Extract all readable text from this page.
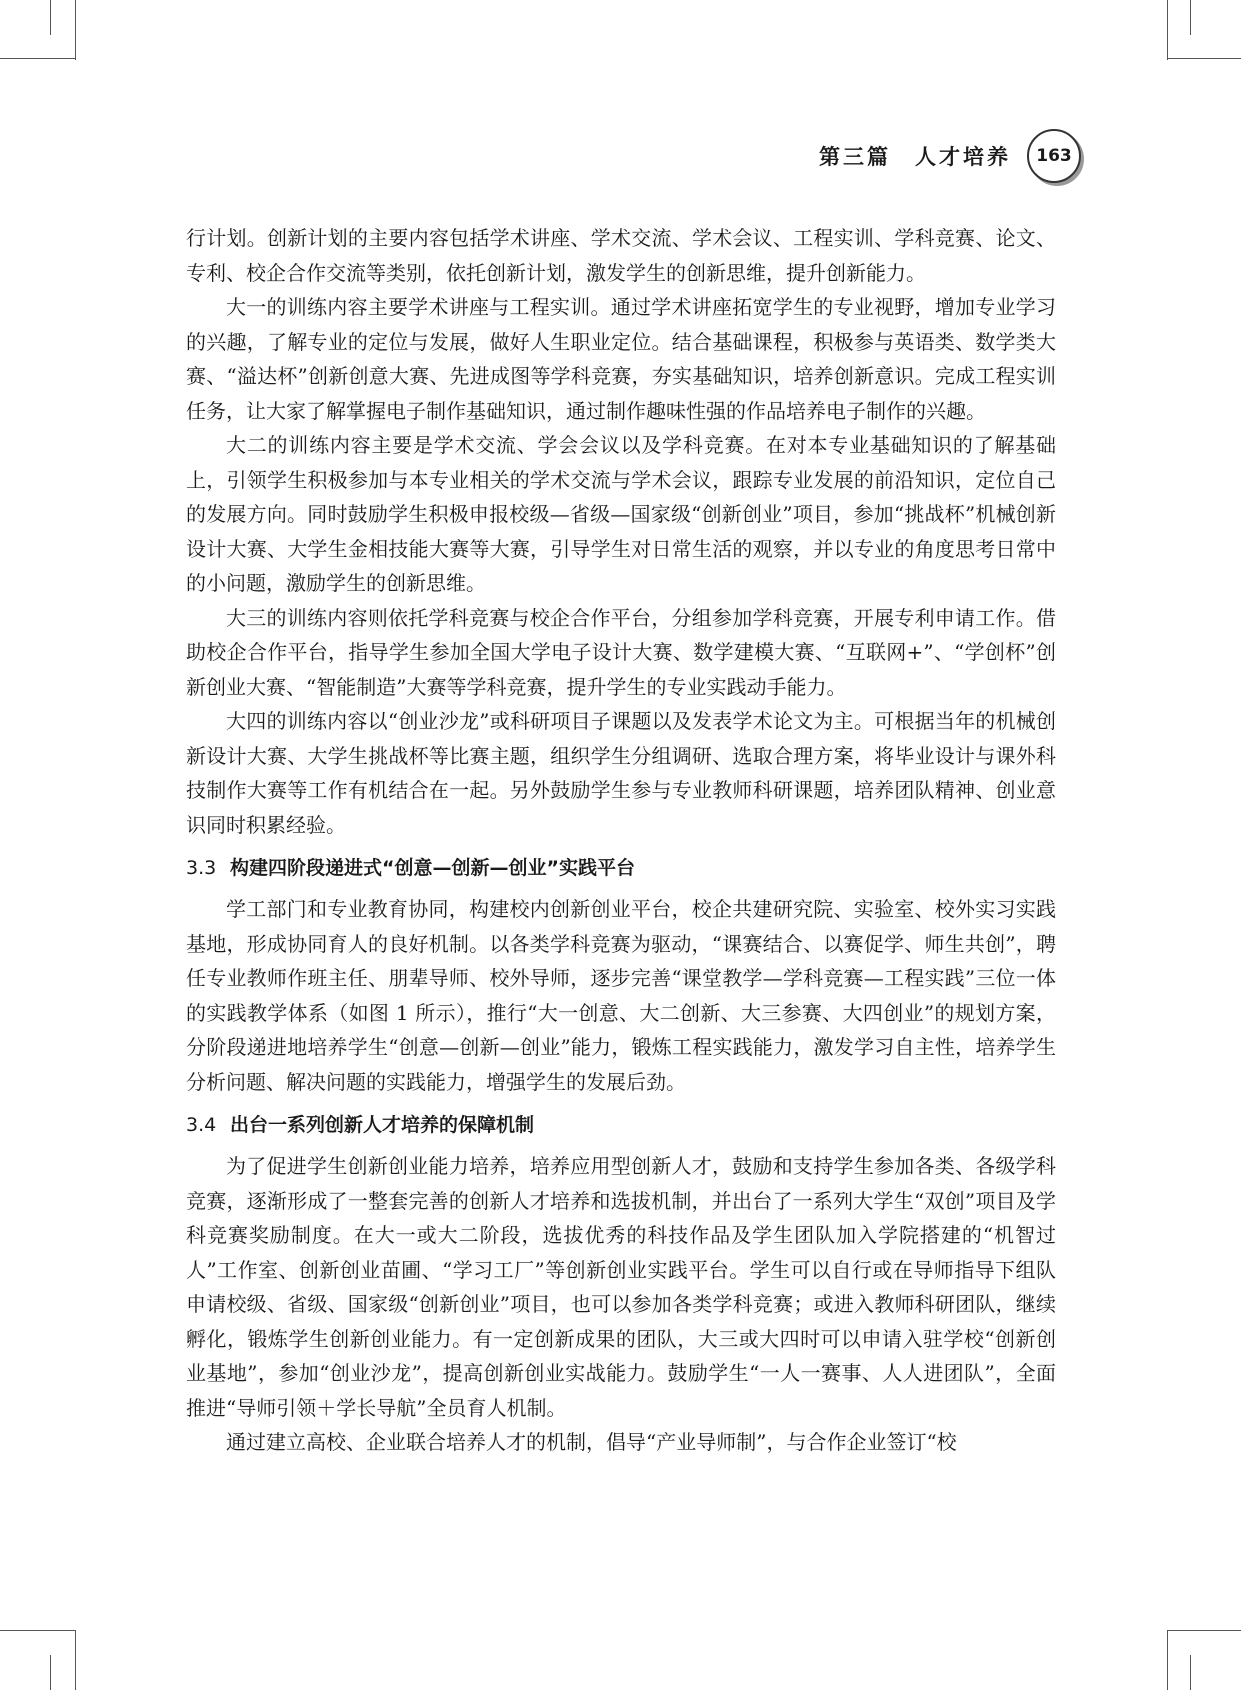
第三篇　人才培养	163

行计划。创新计划的主要内容包括学术讲座、学术交流、学术会议、工程实训、学科竞赛、论文、专利、校企合作交流等类别，依托创新计划，激发学生的创新思维，提升创新能力。

大一的训练内容主要学术讲座与工程实训。通过学术讲座拓宽学生的专业视野，增加专业学习的兴趣，了解专业的定位与发展，做好人生职业定位。结合基础课程，积极参与英语类、数学类大赛、“溢达杯”创新创意大赛、先进成图等学科竞赛，夯实基础知识，培养创新意识。完成工程实训任务，让大家了解掌握电子制作基础知识，通过制作趣味性强的作品培养电子制作的兴趣。

大二的训练内容主要是学术交流、学会会议以及学科竞赛。在对本专业基础知识的了解基础上，引领学生积极参加与本专业相关的学术交流与学术会议，跟踪专业发展的前沿知识，定位自己的发展方向。同时鼓励学生积极申报校级—省级—国家级“创新创业”项目，参加“挑战杯”机械创新设计大赛、大学生金相技能大赛等大赛，引导学生对日常生活的观察，并以专业的角度思考日常中的小问题，激励学生的创新思维。

大三的训练内容则依托学科竞赛与校企合作平台，分组参加学科竞赛，开展专利申请工作。借助校企合作平台，指导学生参加全国大学电子设计大赛、数学建模大赛、“互联网+”、“学创杯”创新创业大赛、“智能制造”大赛等学科竞赛，提升学生的专业实践动手能力。

大四的训练内容以“创业沙龙”或科研项目子课题以及发表学术论文为主。可根据当年的机械创新设计大赛、大学生挑战杯等比赛主题，组织学生分组调研、选取合理方案，将毕业设计与课外科技制作大赛等工作有机结合在一起。另外鼓励学生参与专业教师科研课题，培养团队精神、创业意识同时积累经验。

3.3 构建四阶段递进式“创意—创新—创业”实践平台

学工部门和专业教育协同，构建校内创新创业平台，校企共建研究院、实验室、校外实习实践基地，形成协同育人的良好机制。以各类学科竞赛为驱动，“课赛结合、以赛促学、师生共创”，聘任专业教师作班主任、朋辈导师、校外导师，逐步完善“课堂教学—学科竞赛—工程实践”三位一体的实践教学体系（如图 1 所示），推行“大一创意、大二创新、大三参赛、大四创业”的规划方案，分阶段递进地培养学生“创意—创新—创业”能力，锻炼工程实践能力，激发学习自主性，培养学生分析问题、解决问题的实践能力，增强学生的发展后劲。

3.4 出台一系列创新人才培养的保障机制

为了促进学生创新创业能力培养，培养应用型创新人才，鼓励和支持学生参加各类、各级学科竞赛，逐渐形成了一整套完善的创新人才培养和选拔机制，并出台了一系列大学生“双创”项目及学科竞赛奖励制度。在大一或大二阶段，选拔优秀的科技作品及学生团队加入学院搭建的“机智过人”工作室、创新创业苗圃、“学习工厂”等创新创业实践平台。学生可以自行或在导师指导下组队申请校级、省级、国家级“创新创业”项目，也可以参加各类学科竞赛；或进入教师科研团队，继续孵化，锻炼学生创新创业能力。有一定创新成果的团队，大三或大四时可以申请入驻学校“创新创业基地”，参加“创业沙龙”，提高创新创业实战能力。鼓励学生“一人一赛事、人人进团队”，全面推进“导师引领＋学长导航”全员育人机制。

通过建立高校、企业联合培养人才的机制，倡导“产业导师制”，与合作企业签订“校
